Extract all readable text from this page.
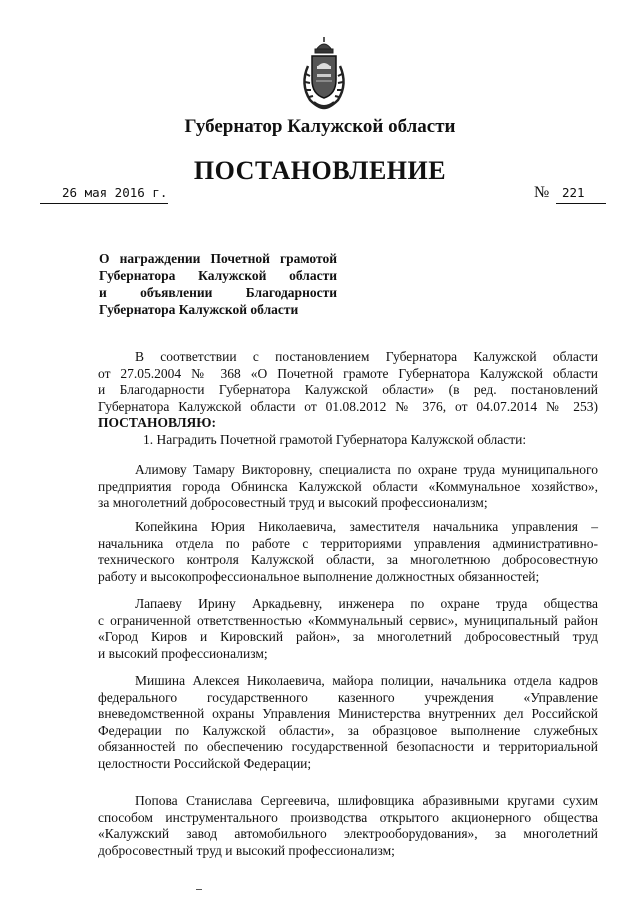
Губернатор Калужской области
ПОСТАНОВЛЕНИЕ
26 мая 2016 г.	№ 221
О награждении Почетной грамотой
Губернатора Калужской области
и объявлении Благодарности
Губернатора Калужской области
В соответствии с постановлением Губернатора Калужской области
от 27.05.2004 № 368 «О Почетной грамоте Губернатора Калужской области
и Благодарности Губернатора Калужской области» (в ред. постановлений
Губернатора Калужской области от 01.08.2012 № 376, от 04.07.2014 № 253)
ПОСТАНОВЛЯЮ:
1. Наградить Почетной грамотой Губернатора Калужской области:
Алимову Тамару Викторовну, специалиста по охране труда муниципального
предприятия города Обнинска Калужской области «Коммунальное хозяйство»,
за многолетний добросовестный труд и высокий профессионализм;
Копейкина Юрия Николаевича, заместителя начальника управления –
начальника отдела по работе с территориями управления административно-
технического контроля Калужской области, за многолетнюю добросовестную
работу и высокопрофессиональное выполнение должностных обязанностей;
Лапаеву Ирину Аркадьевну, инженера по охране труда общества
с ограниченной ответственностью «Коммунальный сервис», муниципальный район
«Город Киров и Кировский район», за многолетний добросовестный труд
и высокий профессионализм;
Мишина Алексея Николаевича, майора полиции, начальника отдела кадров
федерального государственного казенного учреждения «Управление
вневедомственной охраны Управления Министерства внутренних дел Российской
Федерации по Калужской области», за образцовое выполнение служебных
обязанностей по обеспечению государственной безопасности и территориальной
целостности Российской Федерации;
Попова Станислава Сергеевича, шлифовщика абразивными кругами сухим
способом инструментального производства открытого акционерного общества
«Калужский завод автомобильного электрооборудования», за многолетний
добросовестный труд и высокий профессионализм;
